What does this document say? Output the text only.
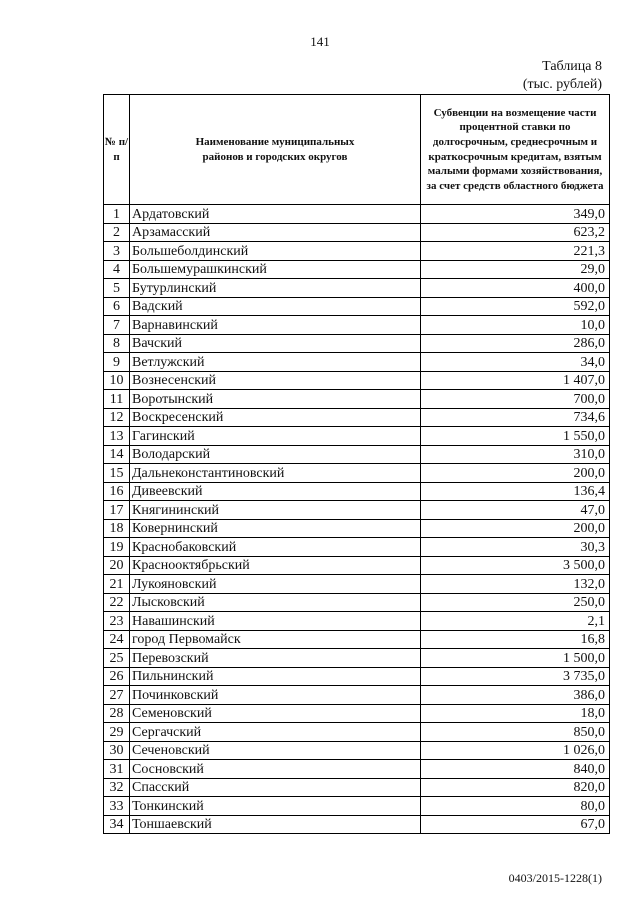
141
Таблица 8
(тыс. рублей)
№ п/п	Наименование муниципальных районов и городских округов	Субвенции на возмещение части процентной ставки по долгосрочным, среднесрочным и краткосрочным кредитам, взятым малыми формами хозяйствования, за счет средств областного бюджета
1	Ардатовский	349,0
2	Арзамасский	623,2
3	Большеболдинский	221,3
4	Большемурашкинский	29,0
5	Бутурлинский	400,0
6	Вадский	592,0
7	Варнавинский	10,0
8	Вачский	286,0
9	Ветлужский	34,0
10	Вознесенский	1 407,0
11	Воротынский	700,0
12	Воскресенский	734,6
13	Гагинский	1 550,0
14	Володарский	310,0
15	Дальнеконстантиновский	200,0
16	Дивеевский	136,4
17	Княгининский	47,0
18	Ковернинский	200,0
19	Краснобаковский	30,3
20	Краснооктябрьский	3 500,0
21	Лукояновский	132,0
22	Лысковский	250,0
23	Навашинский	2,1
24	город Первомайск	16,8
25	Перевозский	1 500,0
26	Пильнинский	3 735,0
27	Починковский	386,0
28	Семеновский	18,0
29	Сергачский	850,0
30	Сеченовский	1 026,0
31	Сосновский	840,0
32	Спасский	820,0
33	Тонкинский	80,0
34	Тоншаевский	67,0
0403/2015-1228(1)
